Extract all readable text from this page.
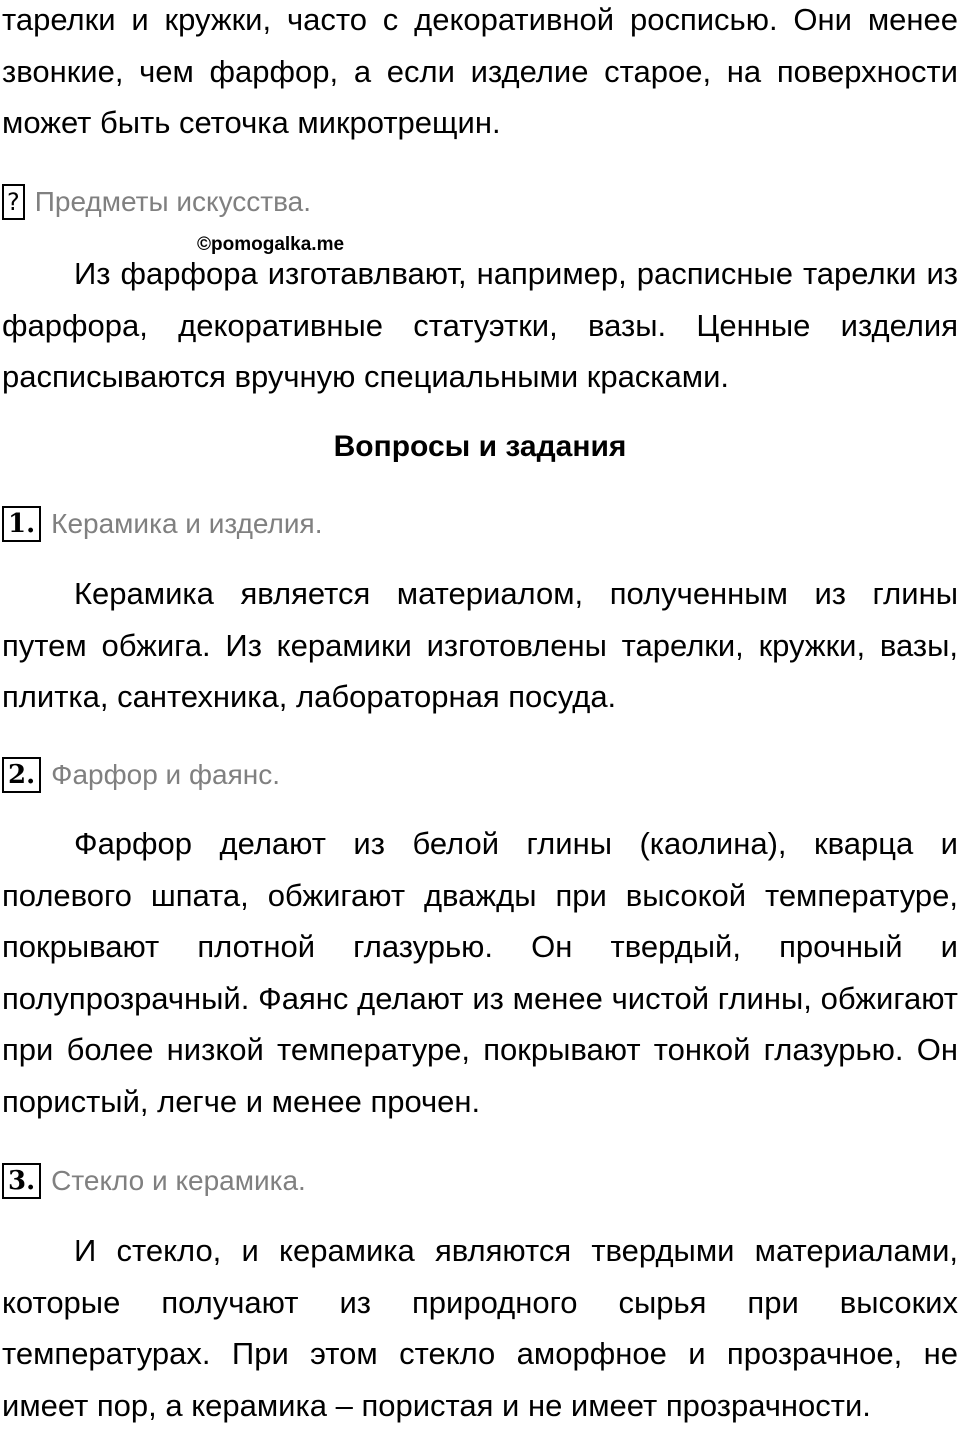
тарелки и кружки, часто с декоративной росписью. Они менее звонкие, чем фарфор, а если изделие старое, на поверхности может быть сеточка микротрещин.

? Предметы искусства.
©pomogalka.me

Из фарфора изготавлвают, например, расписные тарелки из фарфора, декоративные статуэтки, вазы. Ценные изделия расписываются вручную специальными красками.

Вопросы и задания
1. Керамика и изделия.

Керамика является материалом, полученным из глины путем обжига. Из керамики изготовлены тарелки, кружки, вазы, плитка, сантехника, лабораторная посуда.

2. Фарфор и фаянс.

Фарфор делают из белой глины (каолина), кварца и полевого шпата, обжигают дважды при высокой температуре, покрывают плотной глазурью. Он твердый, прочный и полупрозрачный. Фаянс делают из менее чистой глины, обжигают при более низкой температуре, покрывают тонкой глазурью. Он пористый, легче и менее прочен.

3. Стекло и керамика.

И стекло, и керамика являются твердыми материалами, которые получают из природного сырья при высоких температурах. При этом стекло аморфное и прозрачное, не имеет пор, а керамика – пористая и не имеет прозрачности.
